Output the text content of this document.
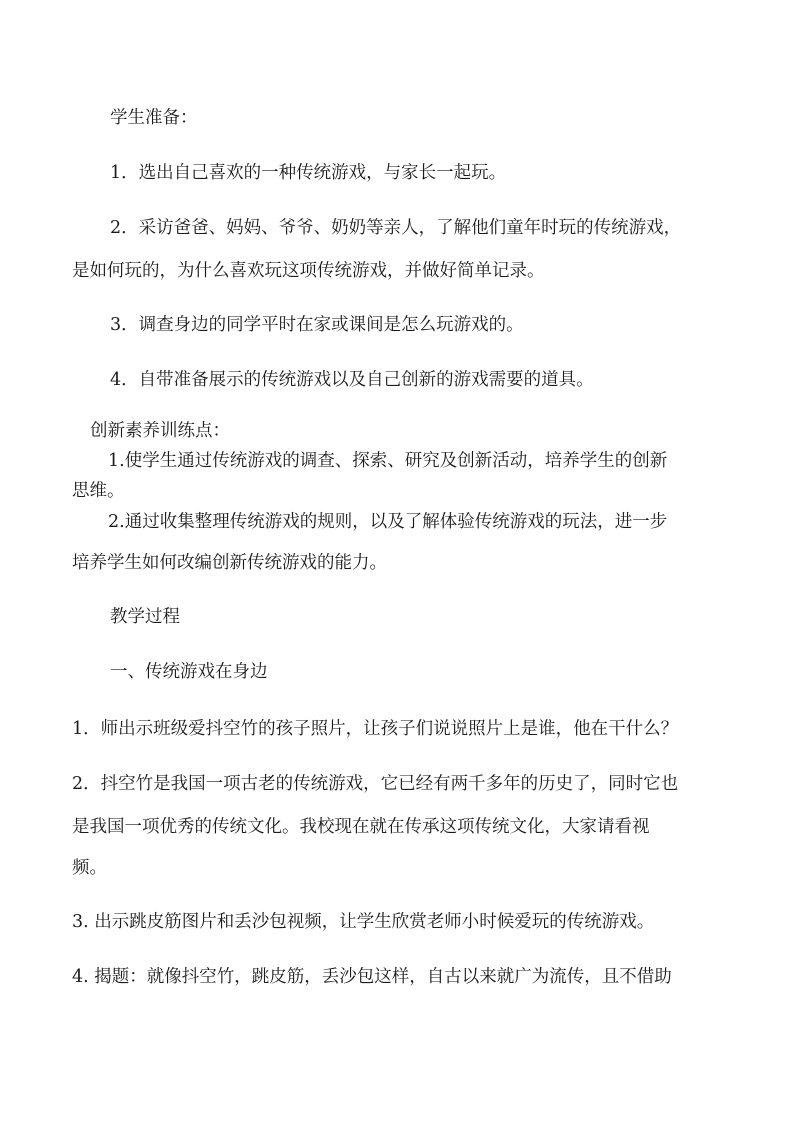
学生准备：

1．选出自己喜欢的一种传统游戏，与家长一起玩。

2．采访爸爸、妈妈、爷爷、奶奶等亲人，了解他们童年时玩的传统游戏，

是如何玩的，为什么喜欢玩这项传统游戏，并做好简单记录。

3．调查身边的同学平时在家或课间是怎么玩游戏的。

4．自带准备展示的传统游戏以及自己创新的游戏需要的道具。

创新素养训练点：

1.使学生通过传统游戏的调查、探索、研究及创新活动，培养学生的创新

思维。

2.通过收集整理传统游戏的规则，以及了解体验传统游戏的玩法，进一步

培养学生如何改编创新传统游戏的能力。

教学过程

一、传统游戏在身边

1．师出示班级爱抖空竹的孩子照片，让孩子们说说照片上是谁，他在干什么？

2．抖空竹是我国一项古老的传统游戏，它已经有两千多年的历史了，同时它也

是我国一项优秀的传统文化。我校现在就在传承这项传统文化，大家请看视

频。

3. 出示跳皮筋图片和丢沙包视频，让学生欣赏老师小时候爱玩的传统游戏。

4. 揭题：就像抖空竹，跳皮筋，丢沙包这样，自古以来就广为流传，且不借助
